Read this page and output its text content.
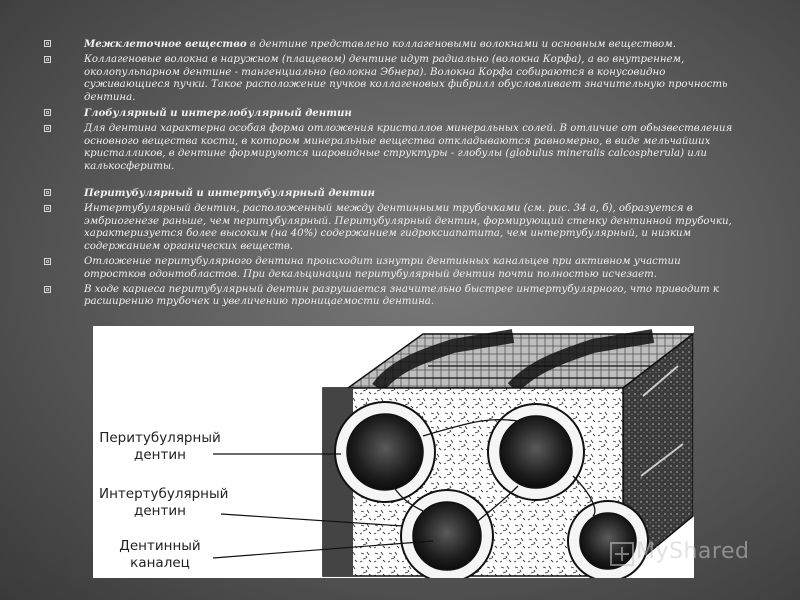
Межклеточное вещество в дентине представлено коллагеновыми волокнами и основным веществом.
Коллагеновые волокна в наружном (плащевом) дентине идут радиально (волокна Корфа), а во внутреннем, околопульпарном дентине - тангенциально (волокна Эбнера). Волокна Корфа собираются в конусовидно суживающиеся пучки. Такое расположение пучков коллагеновых фибрилл обусловливает значительную прочность дентина.
Глобулярный и интерглобулярный дентин
Для дентина характерна особая форма отложения кристаллов минеральных солей. В отличие от обызвествления основного вещества кости, в котором минеральные вещества откладываются равномерно, в виде мельчайших кристалликов, в дентине формируются шаровидные структуры - глобулы (globulus mineralis calcospherula) или калькосфериты.
Перитубулярный и интертубулярный дентин
Интертубулярный дентин, расположенный между дентинными трубочками (см. рис. 34 а, б), образуется в эмбриогенезе раньше, чем перитубулярный. Перитубулярный дентин, формирующий стенку дентинной трубочки, характеризуется более высоким (на 40%) содержанием гидроксиапатита, чем интертубулярный, и низким содержанием органических веществ.
Отложение перитубулярного дентина происходит изнутри дентинных канальцев при активном участии отростков одонтобластов. При декальцинации перитубулярный дентин почти полностью исчезает.
В ходе кариеса перитубулярный дентин разрушается значительно быстрее интертубулярного, что приводит к расширению трубочек и увеличению проницаемости дентина.
Перитубулярный
дентин
Интертубулярный
дентин
Дентинный
каналец	MyShared
